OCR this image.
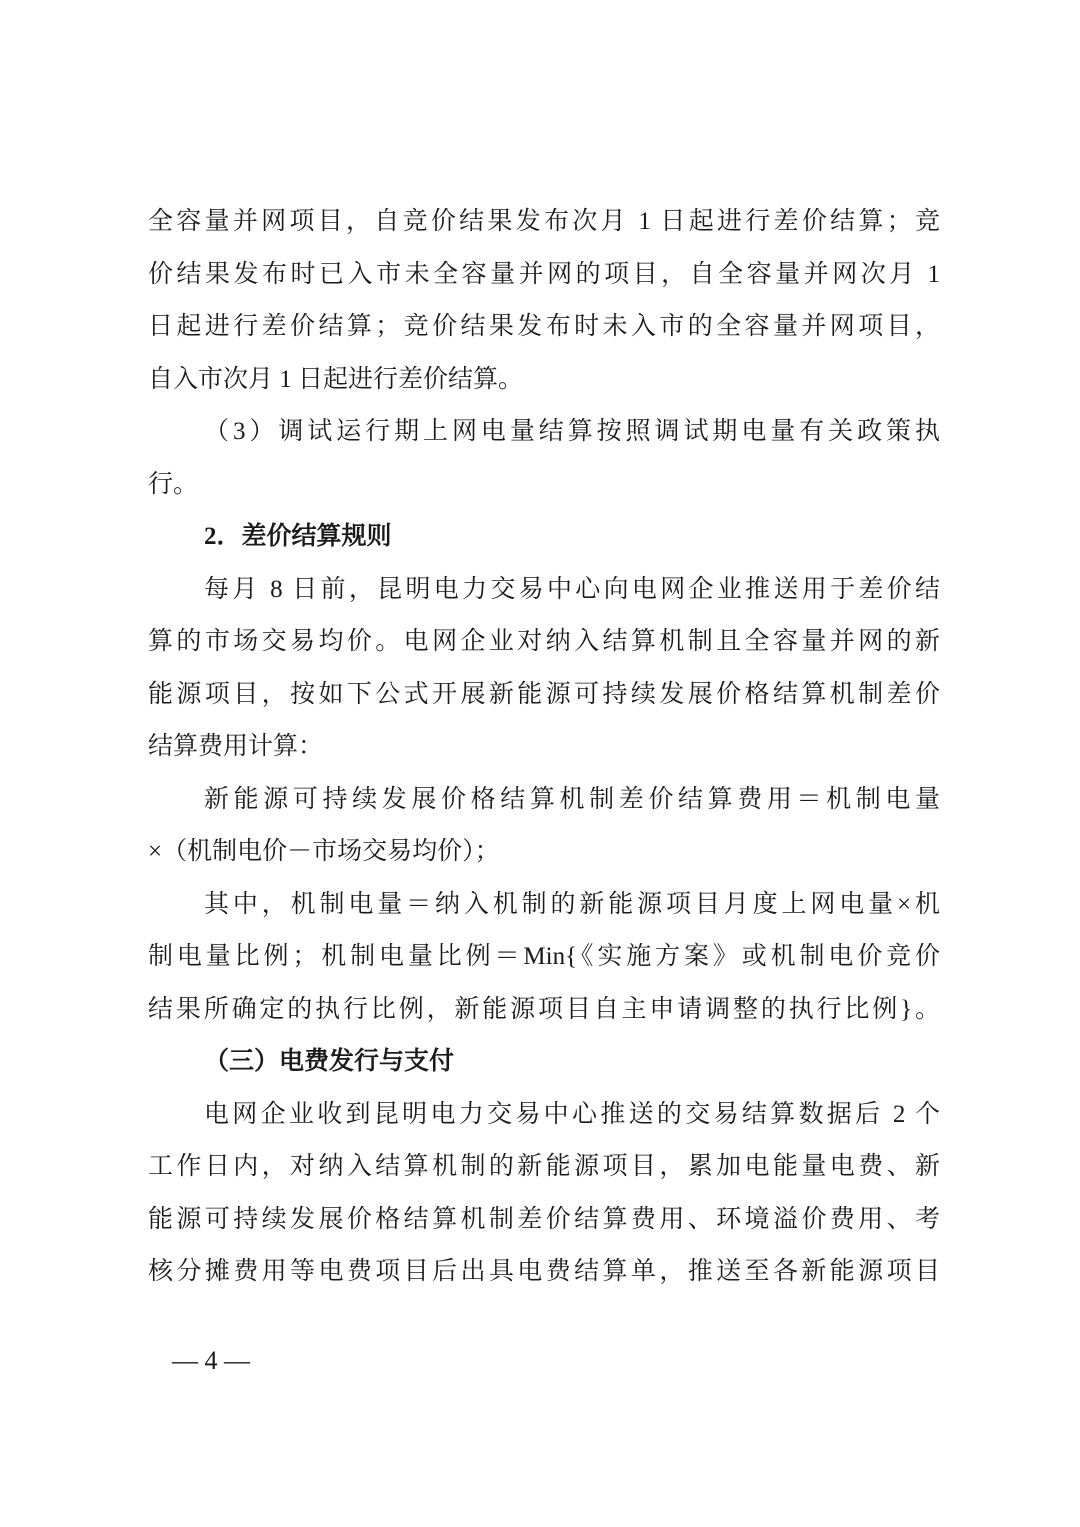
全容量并网项目，自竞价结果发布次月 1 日起进行差价结算；竞
价结果发布时已入市未全容量并网的项目，自全容量并网次月 1
日起进行差价结算；竞价结果发布时未入市的全容量并网项目，
自入市次月 1 日起进行差价结算。
（3）调试运行期上网电量结算按照调试期电量有关政策执
行。
2．差价结算规则
每月 8 日前，昆明电力交易中心向电网企业推送用于差价结
算的市场交易均价。电网企业对纳入结算机制且全容量并网的新
能源项目，按如下公式开展新能源可持续发展价格结算机制差价
结算费用计算：
新能源可持续发展价格结算机制差价结算费用＝机制电量
×（机制电价－市场交易均价）；
其中，机制电量＝纳入机制的新能源项目月度上网电量×机
制电量比例；机制电量比例＝Min{《实施方案》或机制电价竞价
结果所确定的执行比例，新能源项目自主申请调整的执行比例}。
（三）电费发行与支付
电网企业收到昆明电力交易中心推送的交易结算数据后 2 个
工作日内，对纳入结算机制的新能源项目，累加电能量电费、新
能源可持续发展价格结算机制差价结算费用、环境溢价费用、考
核分摊费用等电费项目后出具电费结算单，推送至各新能源项目
— 4 —
